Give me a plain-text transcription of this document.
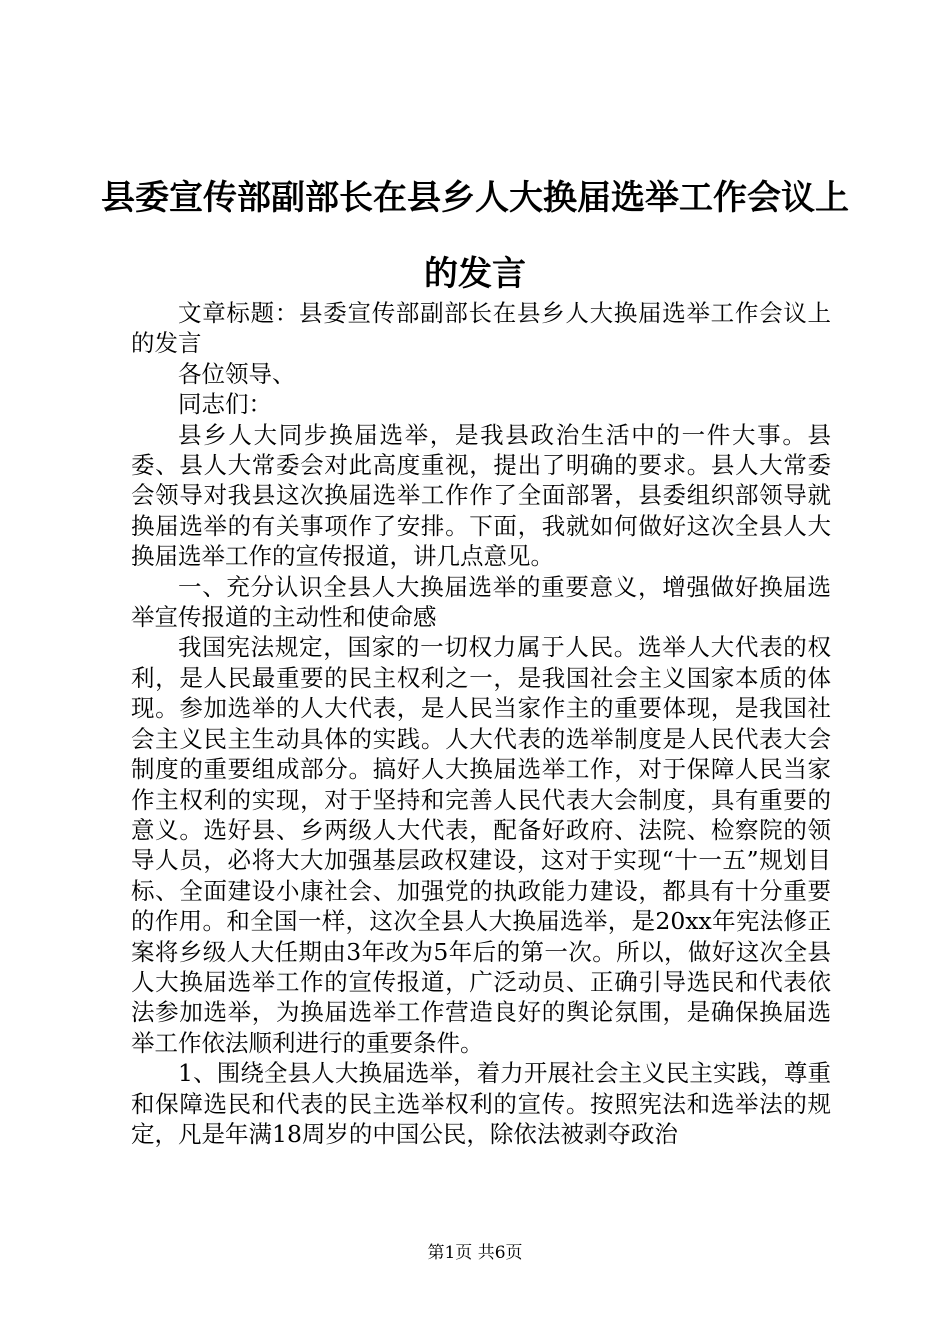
县委宣传部副部长在县乡人大换届选举工作会议上的发言

文章标题：县委宣传部副部长在县乡人大换届选举工作会议上的发言

各位领导、

同志们：

县乡人大同步换届选举，是我县政治生活中的一件大事。县委、县人大常委会对此高度重视，提出了明确的要求。县人大常委会领导对我县这次换届选举工作作了全面部署，县委组织部领导就换届选举的有关事项作了安排。下面，我就如何做好这次全县人大换届选举工作的宣传报道，讲几点意见。

一、充分认识全县人大换届选举的重要意义，增强做好换届选举宣传报道的主动性和使命感

我国宪法规定，国家的一切权力属于人民。选举人大代表的权利，是人民最重要的民主权利之一，是我国社会主义国家本质的体现。参加选举的人大代表，是人民当家作主的重要体现，是我国社会主义民主生动具体的实践。人大代表的选举制度是人民代表大会制度的重要组成部分。搞好人大换届选举工作，对于保障人民当家作主权利的实现，对于坚持和完善人民代表大会制度，具有重要的意义。选好县、乡两级人大代表，配备好政府、法院、检察院的领导人员，必将大大加强基层政权建设，这对于实现“十一五”规划目标、全面建设小康社会、加强党的执政能力建设，都具有十分重要的作用。和全国一样，这次全县人大换届选举，是20xx年宪法修正案将乡级人大任期由3年改为5年后的第一次。所以，做好这次全县人大换届选举工作的宣传报道，广泛动员、正确引导选民和代表依法参加选举，为换届选举工作营造良好的舆论氛围，是确保换届选举工作依法顺利进行的重要条件。

1、围绕全县人大换届选举，着力开展社会主义民主实践，尊重和保障选民和代表的民主选举权利的宣传。按照宪法和选举法的规定，凡是年满18周岁的中国公民，除依法被剥夺政治

第1页 共6页
